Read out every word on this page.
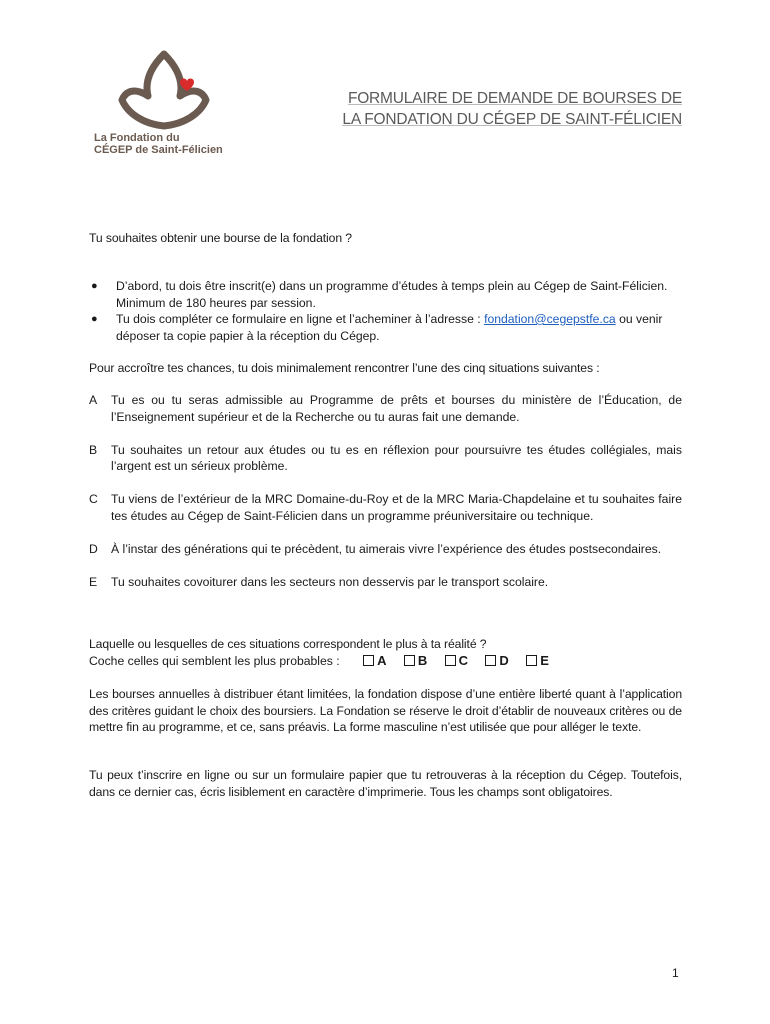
La Fondation du
CÉGEP de Saint-Félicien
FORMULAIRE DE DEMANDE DE BOURSES DE
LA FONDATION DU CÉGEP DE SAINT-FÉLICIEN
Tu souhaites obtenir une bourse de la fondation ?
● D’abord, tu dois être inscrit(e) dans un programme d’études à temps plein au Cégep de Saint-Félicien. Minimum de 180 heures par session.
● Tu dois compléter ce formulaire en ligne et l’acheminer à l’adresse : fondation@cegepstfe.ca ou venir déposer ta copie papier à la réception du Cégep.
Pour accroître tes chances, tu dois minimalement rencontrer l’une des cinq situations suivantes :
A Tu es ou tu seras admissible au Programme de prêts et bourses du ministère de l’Éducation, de l’Enseignement supérieur et de la Recherche ou tu auras fait une demande.
B Tu souhaites un retour aux études ou tu es en réflexion pour poursuivre tes études collégiales, mais l’argent est un sérieux problème.
C Tu viens de l’extérieur de la MRC Domaine-du-Roy et de la MRC Maria-Chapdelaine et tu souhaites faire tes études au Cégep de Saint-Félicien dans un programme préuniversitaire ou technique.
D À l’instar des générations qui te précèdent, tu aimerais vivre l’expérience des études postsecondaires.
E Tu souhaites covoiturer dans les secteurs non desservis par le transport scolaire.
Laquelle ou lesquelles de ces situations correspondent le plus à ta réalité ?
Coche celles qui semblent les plus probables :	A B C D E
Les bourses annuelles à distribuer étant limitées, la fondation dispose d’une entière liberté quant à l’application des critères guidant le choix des boursiers. La Fondation se réserve le droit d’établir de nouveaux critères ou de mettre fin au programme, et ce, sans préavis. La forme masculine n’est utilisée que pour alléger le texte.
Tu peux t’inscrire en ligne ou sur un formulaire papier que tu retrouveras à la réception du Cégep. Toutefois, dans ce dernier cas, écris lisiblement en caractère d’imprimerie. Tous les champs sont obligatoires.
1
